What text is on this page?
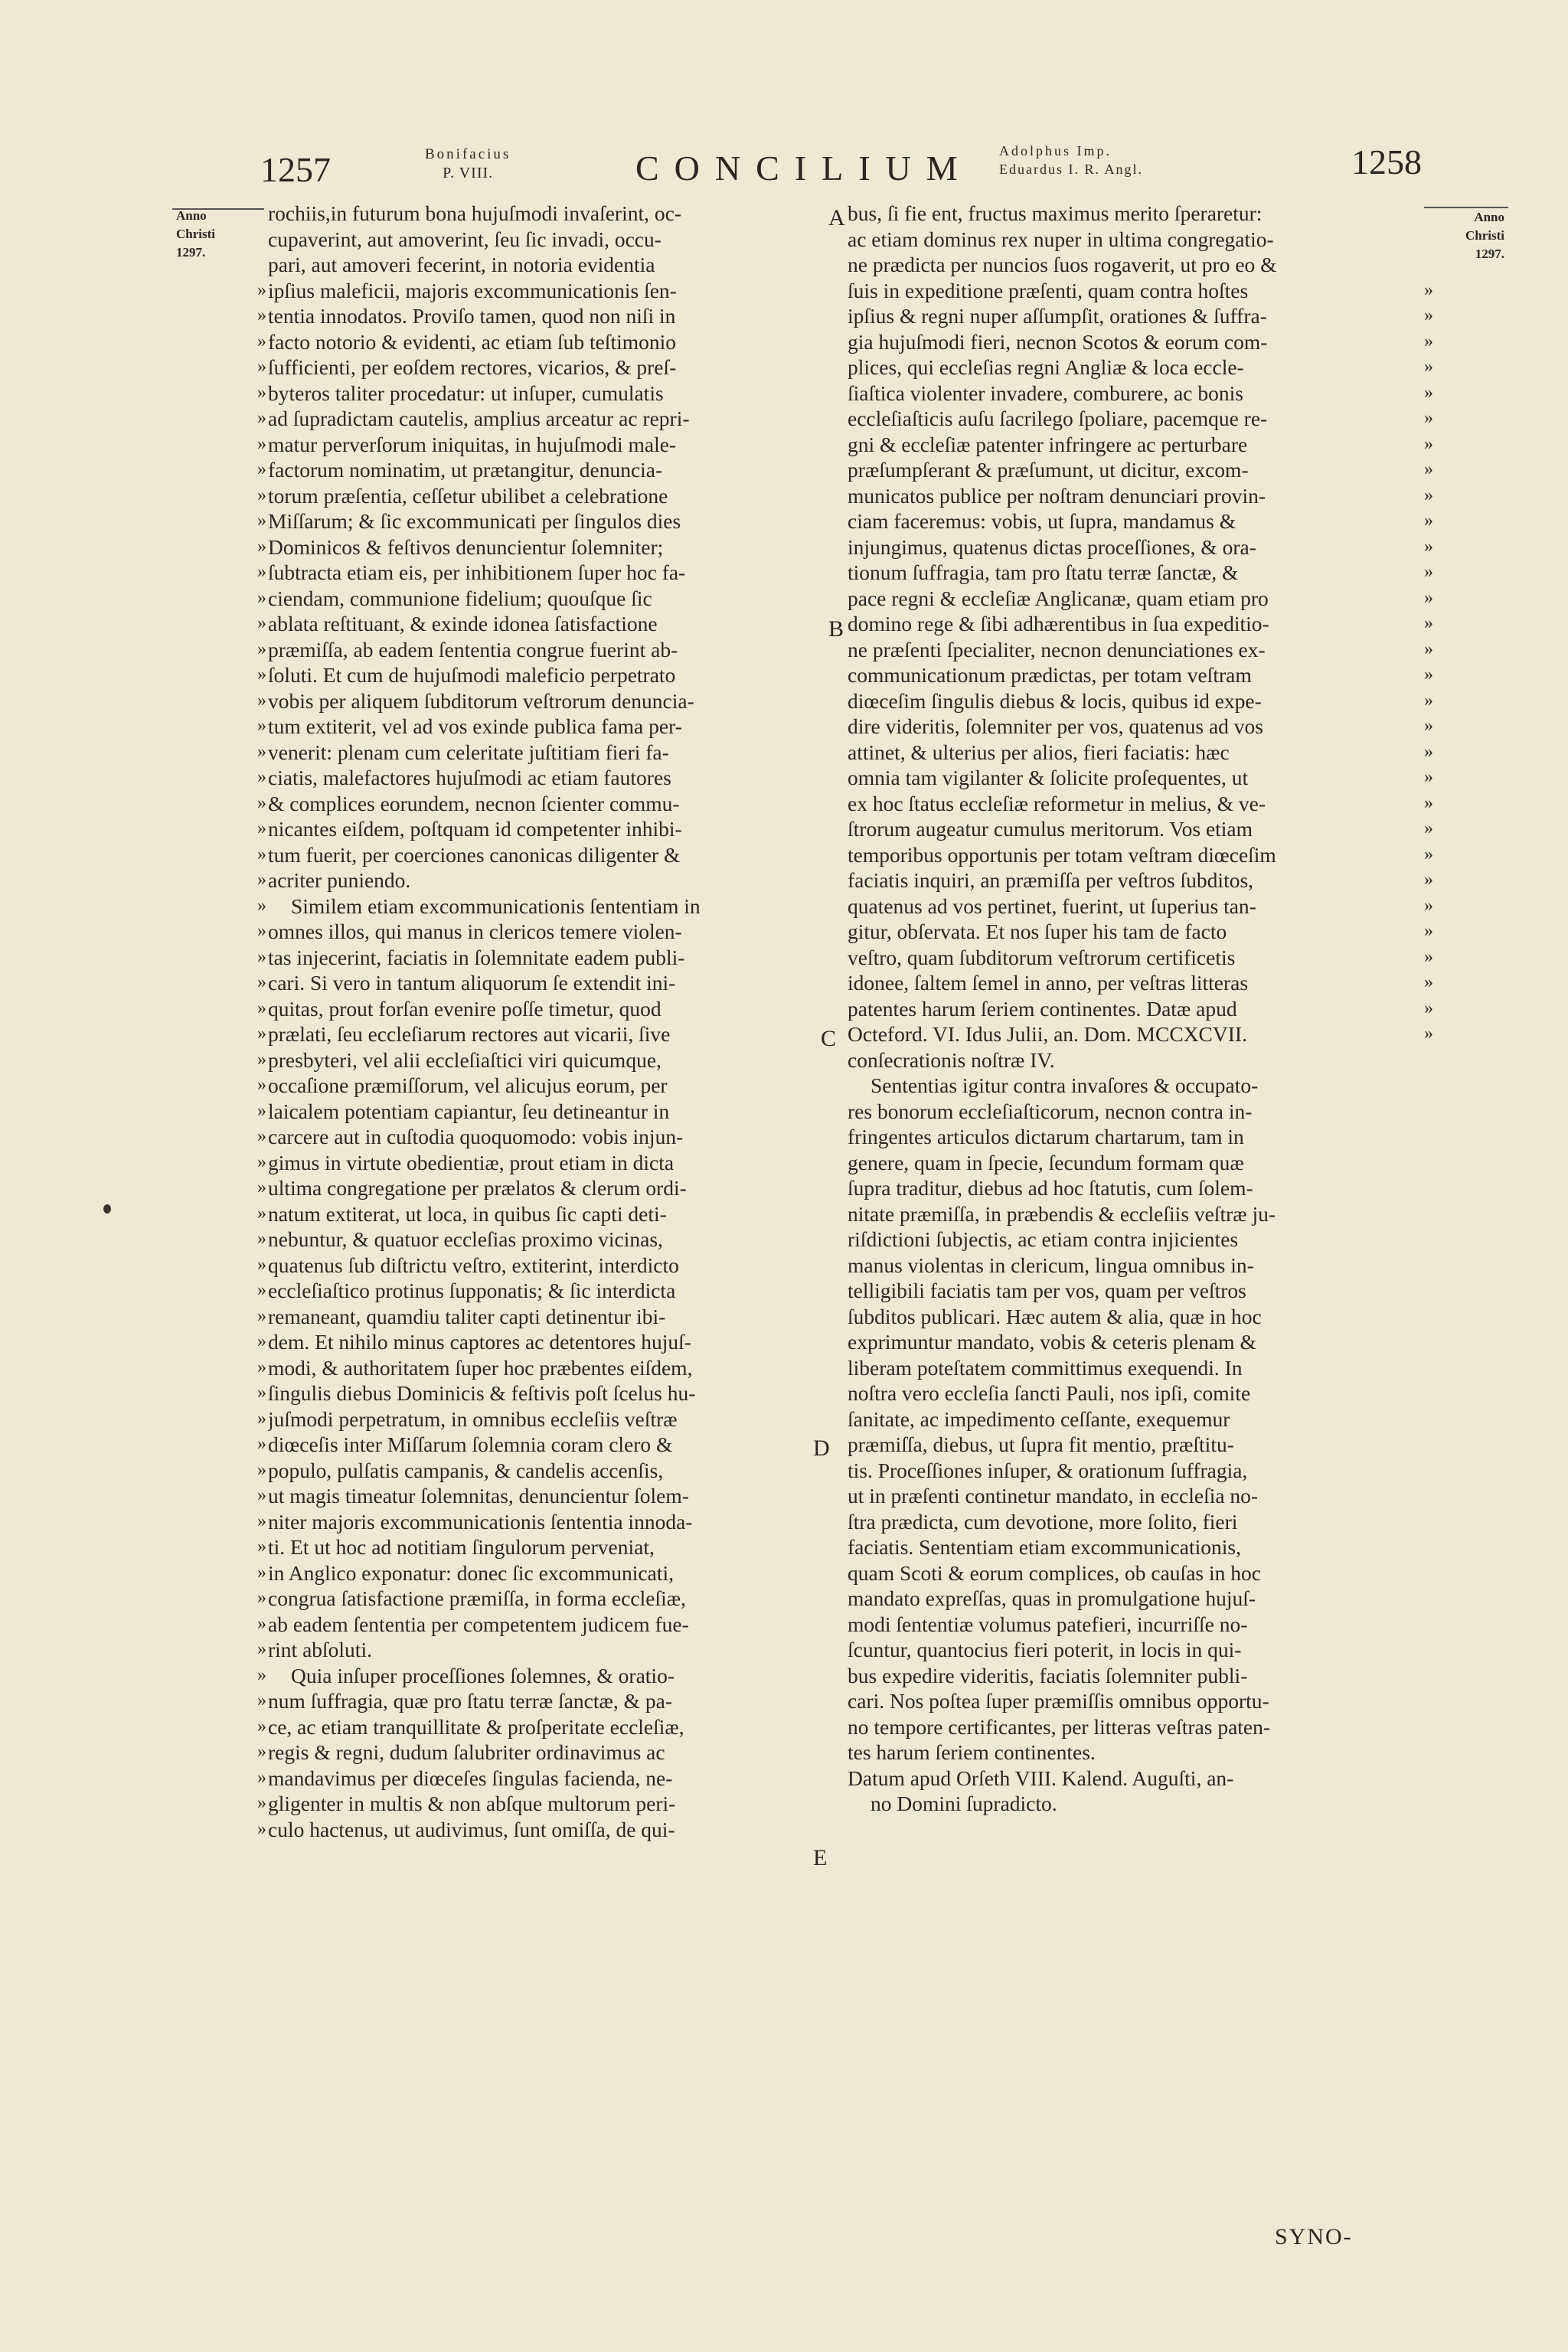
1257	Bonifacius
P. VIII.	CONCILIUM Adolphus Imp.
Eduardus I. R. Angl.	1258
Anno
Christi
1297.
Anno
Christi
1297.
»
»
»
»
»
»
»
»
»
»
»
»
»
»
»
»
»
»
»
»
»
»
»
»
»
»
»
»
»
»
»
»
»
»
»
»
»
»
»
»
»
»
»
»
»
»
»
»
»
»
»
»
»
»
»
»
»
»
»
»
»
»
»
»
»
»
»
»
»
»
»
»
»
»
»
»
»
»
»
»
»
»
»
»
»
»
»
»
»
»
»
rochiis,in futurum bona hujuſmodi invaſerint, oc-
cupaverint, aut amoverint, ſeu ſic invadi, occu-
pari, aut amoveri fecerint, in notoria evidentia
ipſius maleficii, majoris excommunicationis ſen-
tentia innodatos. Proviſo tamen, quod non niſi in
facto notorio & evidenti, ac etiam ſub teſtimonio
ſufficienti, per eoſdem rectores, vicarios, & preſ-
byteros taliter procedatur: ut inſuper, cumulatis
ad ſupradictam cautelis, amplius arceatur ac repri-
matur perverſorum iniquitas, in hujuſmodi male-
factorum nominatim, ut prætangitur, denuncia-
torum præſentia, ceſſetur ubilibet a celebratione
Miſſarum; & ſic excommunicati per ſingulos dies
Dominicos & feſtivos denuncientur ſolemniter;
ſubtracta etiam eis, per inhibitionem ſuper hoc fa-
ciendam, communione fidelium; quouſque ſic
ablata reſtituant, & exinde idonea ſatisfactione
præmiſſa, ab eadem ſententia congrue fuerint ab-
ſoluti. Et cum de hujuſmodi maleficio perpetrato
vobis per aliquem ſubditorum veſtrorum denuncia-
tum extiterit, vel ad vos exinde publica fama per-
venerit: plenam cum celeritate juſtitiam fieri fa-
ciatis, malefactores hujuſmodi ac etiam fautores
& complices eorundem, necnon ſcienter commu-
nicantes eiſdem, poſtquam id competenter inhibi-
tum fuerit, per coerciones canonicas diligenter &
acriter puniendo.
Similem etiam excommunicationis ſententiam in
omnes illos, qui manus in clericos temere violen-
tas injecerint, faciatis in ſolemnitate eadem publi-
cari. Si vero in tantum aliquorum ſe extendit ini-
quitas, prout forſan evenire poſſe timetur, quod
prælati, ſeu eccleſiarum rectores aut vicarii, ſive
presbyteri, vel alii eccleſiaſtici viri quicumque,
occaſione præmiſſorum, vel alicujus eorum, per
laicalem potentiam capiantur, ſeu detineantur in
carcere aut in cuſtodia quoquomodo: vobis injun-
gimus in virtute obedientiæ, prout etiam in dicta
ultima congregatione per prælatos & clerum ordi-
natum extiterat, ut loca, in quibus ſic capti deti-
nebuntur, & quatuor eccleſias proximo vicinas,
quatenus ſub diſtrictu veſtro, extiterint, interdicto
eccleſiaſtico protinus ſupponatis; & ſic interdicta
remaneant, quamdiu taliter capti detinentur ibi-
dem. Et nihilo minus captores ac detentores hujuſ-
modi, & authoritatem ſuper hoc præbentes eiſdem,
ſingulis diebus Dominicis & feſtivis poſt ſcelus hu-
juſmodi perpetratum, in omnibus eccleſiis veſtræ
diœceſis inter Miſſarum ſolemnia coram clero &
populo, pulſatis campanis, & candelis accenſis,
ut magis timeatur ſolemnitas, denuncientur ſolem-
niter majoris excommunicationis ſententia innoda-
ti. Et ut hoc ad notitiam ſingulorum perveniat,
in Anglico exponatur: donec ſic excommunicati,
congrua ſatisfactione præmiſſa, in forma eccleſiæ,
ab eadem ſententia per competentem judicem fue-
rint abſoluti.
Quia inſuper proceſſiones ſolemnes, & oratio-
num ſuffragia, quæ pro ſtatu terræ ſanctæ, & pa-
ce, ac etiam tranquillitate & proſperitate eccleſiæ,
regis & regni, dudum ſalubriter ordinavimus ac
mandavimus per diœceſes ſingulas facienda, ne-
gligenter in multis & non abſque multorum peri-
culo hactenus, ut audivimus, ſunt omiſſa, de qui-
bus, ſi fie ent, fructus maximus merito ſperaretur:
ac etiam dominus rex nuper in ultima congregatio-
ne prædicta per nuncios ſuos rogaverit, ut pro eo &
ſuis in expeditione præſenti, quam contra hoſtes
ipſius & regni nuper aſſumpſit, orationes & ſuffra-
gia hujuſmodi fieri, necnon Scotos & eorum com-
plices, qui eccleſias regni Angliæ & loca eccle-
ſiaſtica violenter invadere, comburere, ac bonis
eccleſiaſticis auſu ſacrilego ſpoliare, pacemque re-
gni & eccleſiæ patenter infringere ac perturbare
præſumpſerant & præſumunt, ut dicitur, excom-
municatos publice per noſtram denunciari provin-
ciam faceremus: vobis, ut ſupra, mandamus &
injungimus, quatenus dictas proceſſiones, & ora-
tionum ſuffragia, tam pro ſtatu terræ ſanctæ, &
pace regni & eccleſiæ Anglicanæ, quam etiam pro
domino rege & ſibi adhærentibus in ſua expeditio-
ne præſenti ſpecialiter, necnon denunciationes ex-
communicationum prædictas, per totam veſtram
diœceſim ſingulis diebus & locis, quibus id expe-
dire videritis, ſolemniter per vos, quatenus ad vos
attinet, & ulterius per alios, fieri faciatis: hæc
omnia tam vigilanter & ſolicite proſequentes, ut
ex hoc ſtatus eccleſiæ reformetur in melius, & ve-
ſtrorum augeatur cumulus meritorum. Vos etiam
temporibus opportunis per totam veſtram diœceſim
faciatis inquiri, an præmiſſa per veſtros ſubditos,
quatenus ad vos pertinet, fuerint, ut ſuperius tan-
gitur, obſervata. Et nos ſuper his tam de facto
veſtro, quam ſubditorum veſtrorum certificetis
idonee, ſaltem ſemel in anno, per veſtras litteras
patentes harum ſeriem continentes. Datæ apud
Octeford. VI. Idus Julii, an. Dom. MCCXCVII.
conſecrationis noſtræ IV.
Sententias igitur contra invaſores & occupato-
res bonorum eccleſiaſticorum, necnon contra in-
fringentes articulos dictarum chartarum, tam in
genere, quam in ſpecie, ſecundum formam quæ
ſupra traditur, diebus ad hoc ſtatutis, cum ſolem-
nitate præmiſſa, in præbendis & eccleſiis veſtræ ju-
riſdictioni ſubjectis, ac etiam contra injicientes
manus violentas in clericum, lingua omnibus in-
telligibili faciatis tam per vos, quam per veſtros
ſubditos publicari. Hæc autem & alia, quæ in hoc
exprimuntur mandato, vobis & ceteris plenam &
liberam poteſtatem committimus exequendi. In
noſtra vero eccleſia ſancti Pauli, nos ipſi, comite
ſanitate, ac impedimento ceſſante, exequemur
præmiſſa, diebus, ut ſupra fit mentio, præſtitu-
tis. Proceſſiones inſuper, & orationum ſuffragia,
ut in præſenti continetur mandato, in eccleſia no-
ſtra prædicta, cum devotione, more ſolito, fieri
faciatis. Sententiam etiam excommunicationis,
quam Scoti & eorum complices, ob cauſas in hoc
mandato expreſſas, quas in promulgatione hujuſ-
modi ſententiæ volumus patefieri, incurriſſe no-
ſcuntur, quantocius fieri poterit, in locis in qui-
bus expedire videritis, faciatis ſolemniter publi-
cari. Nos poſtea ſuper præmiſſis omnibus opportu-
no tempore certificantes, per litteras veſtras paten-
tes harum ſeriem continentes.
Datum apud Orſeth VIII. Kalend. Auguſti, an-
no Domini ſupradicto.
A
B
C
D
E
SYNO-
